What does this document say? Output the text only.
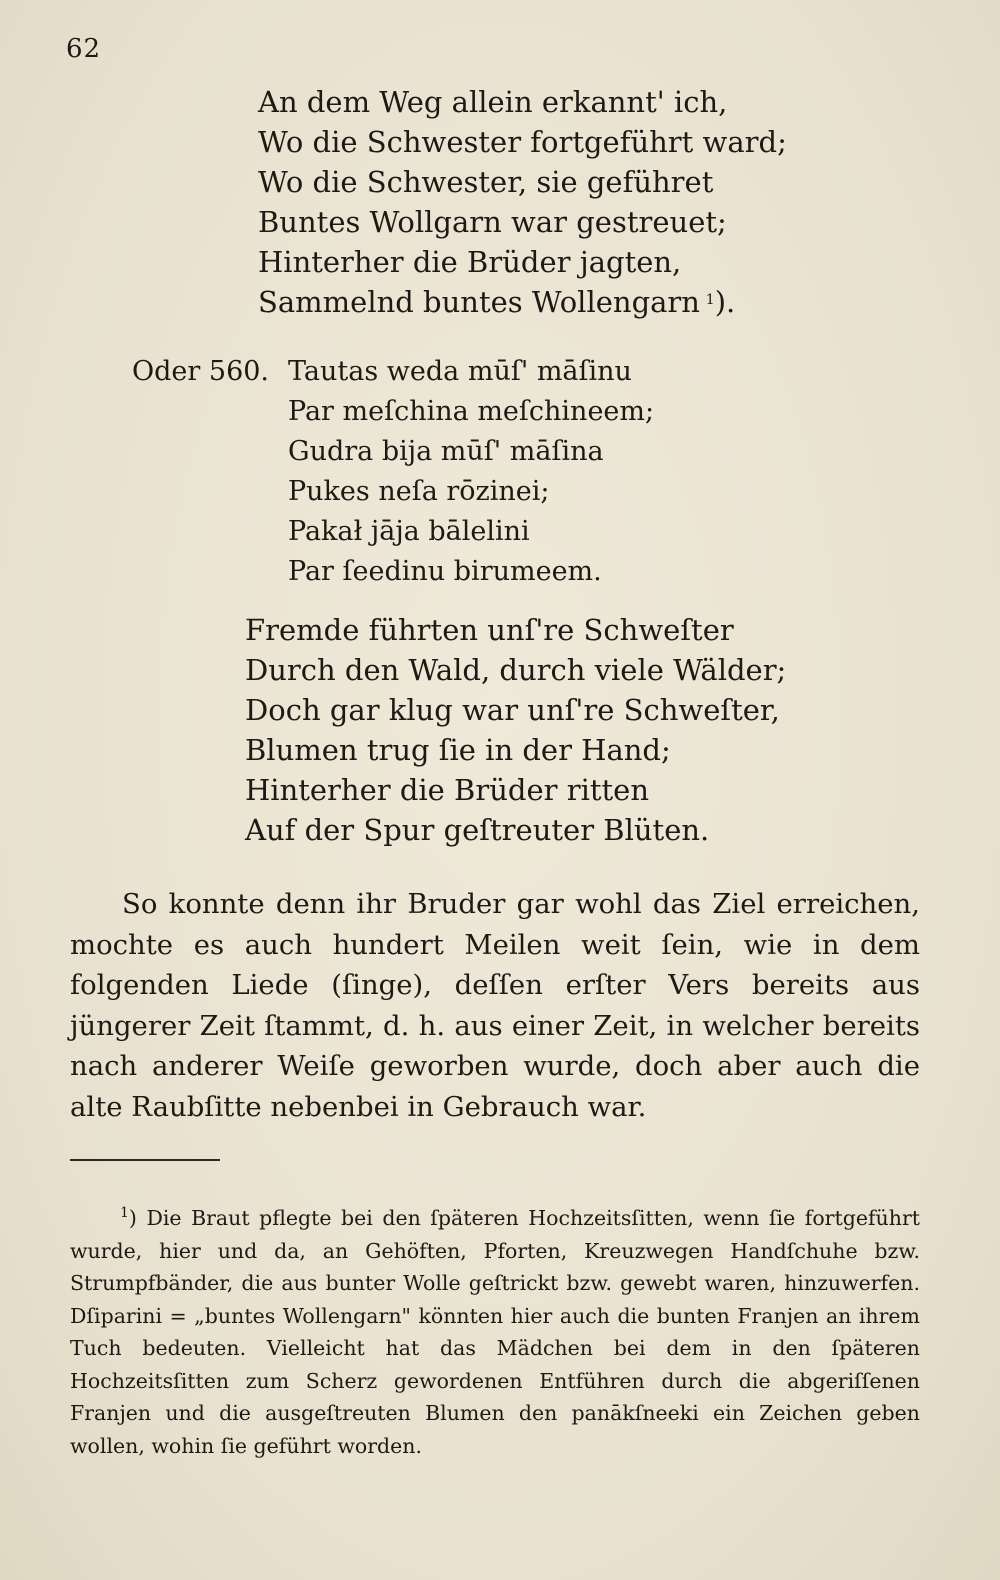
62
An dem Weg allein erkannt' ich,
Wo die Schwester fortgeführt ward;
Wo die Schwester, sie geführet
Buntes Wollgarn war gestreuet;
Hinterher die Brüder jagten,
Sammelnd buntes Wollengarn  $^1$).
Oder 560. Tautas weda mūſ' māſinu
Par meſchina meſchineem;
Gudra bija mūſ' māſina
Pukes neſa rōzinei;
Pakał jāja bālelini
Par ſeedinu birumeem.
Fremde führten unſ're Schweſter
Durch den Wald, durch viele Wälder;
Doch gar klug war unſ're Schweſter,
Blumen trug ſie in der Hand;
Hinterher die Brüder ritten
Auf der Spur geſtreuter Blüten.

So konnte denn ihr Bruder gar wohl das Ziel erreichen, mochte es auch hundert Meilen weit ſein, wie in dem folgenden Liede (ſinge), deſſen erſter Vers bereits aus jüngerer Zeit ſtammt, d. h. aus einer Zeit, in welcher bereits nach anderer Weiſe geworben wurde, doch aber auch die alte Raubſitte nebenbei in Gebrauch war.

$^1$) Die Braut pflegte bei den ſpäteren Hochzeitsſitten, wenn ſie fortgeführt wurde, hier und da, an Gehöften, Pforten, Kreuzwegen Handſchuhe bzw. Strumpfbänder, die aus bunter Wolle geſtrickt bzw. gewebt waren, hinzuwerfen. Dſiparini = „buntes Wollengarn" könnten hier auch die bunten Franjen an ihrem Tuch bedeuten. Vielleicht hat das Mädchen bei dem in den ſpäteren Hochzeitsſitten zum Scherz gewordenen Entführen durch die abgeriſſenen Franjen und die ausgeſtreuten Blumen den panākſneeki ein Zeichen geben wollen, wohin ſie geführt worden.
